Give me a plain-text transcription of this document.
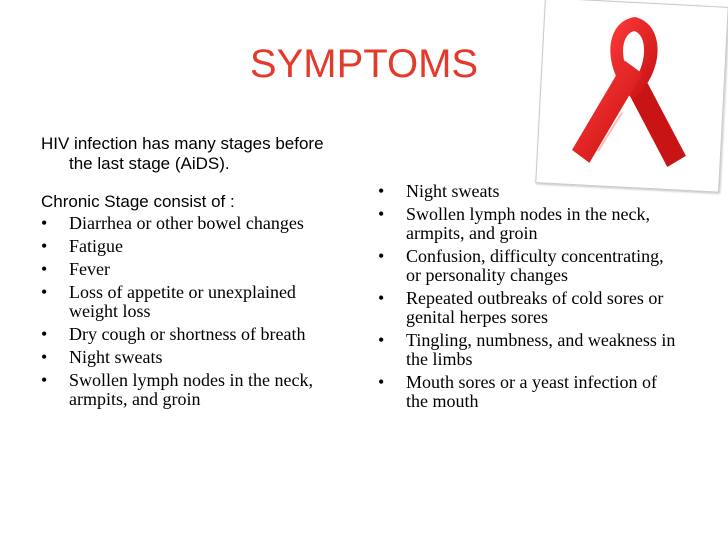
SYMPTOMS

HIV infection has many stages before the last stage (AiDS).

Chronic Stage consist of :

• Diarrhea or other bowel changes
• Fatigue
• Fever
• Loss of appetite or unexplained weight loss
• Dry cough or shortness of breath
• Night sweats
• Swollen lymph nodes in the neck, armpits, and groin
• Night sweats
• Swollen lymph nodes in the neck, armpits, and groin
• Confusion, difficulty concentrating, or personality changes
• Repeated outbreaks of cold sores or genital herpes sores
• Tingling, numbness, and weakness in the limbs
• Mouth sores or a yeast infection of the mouth
